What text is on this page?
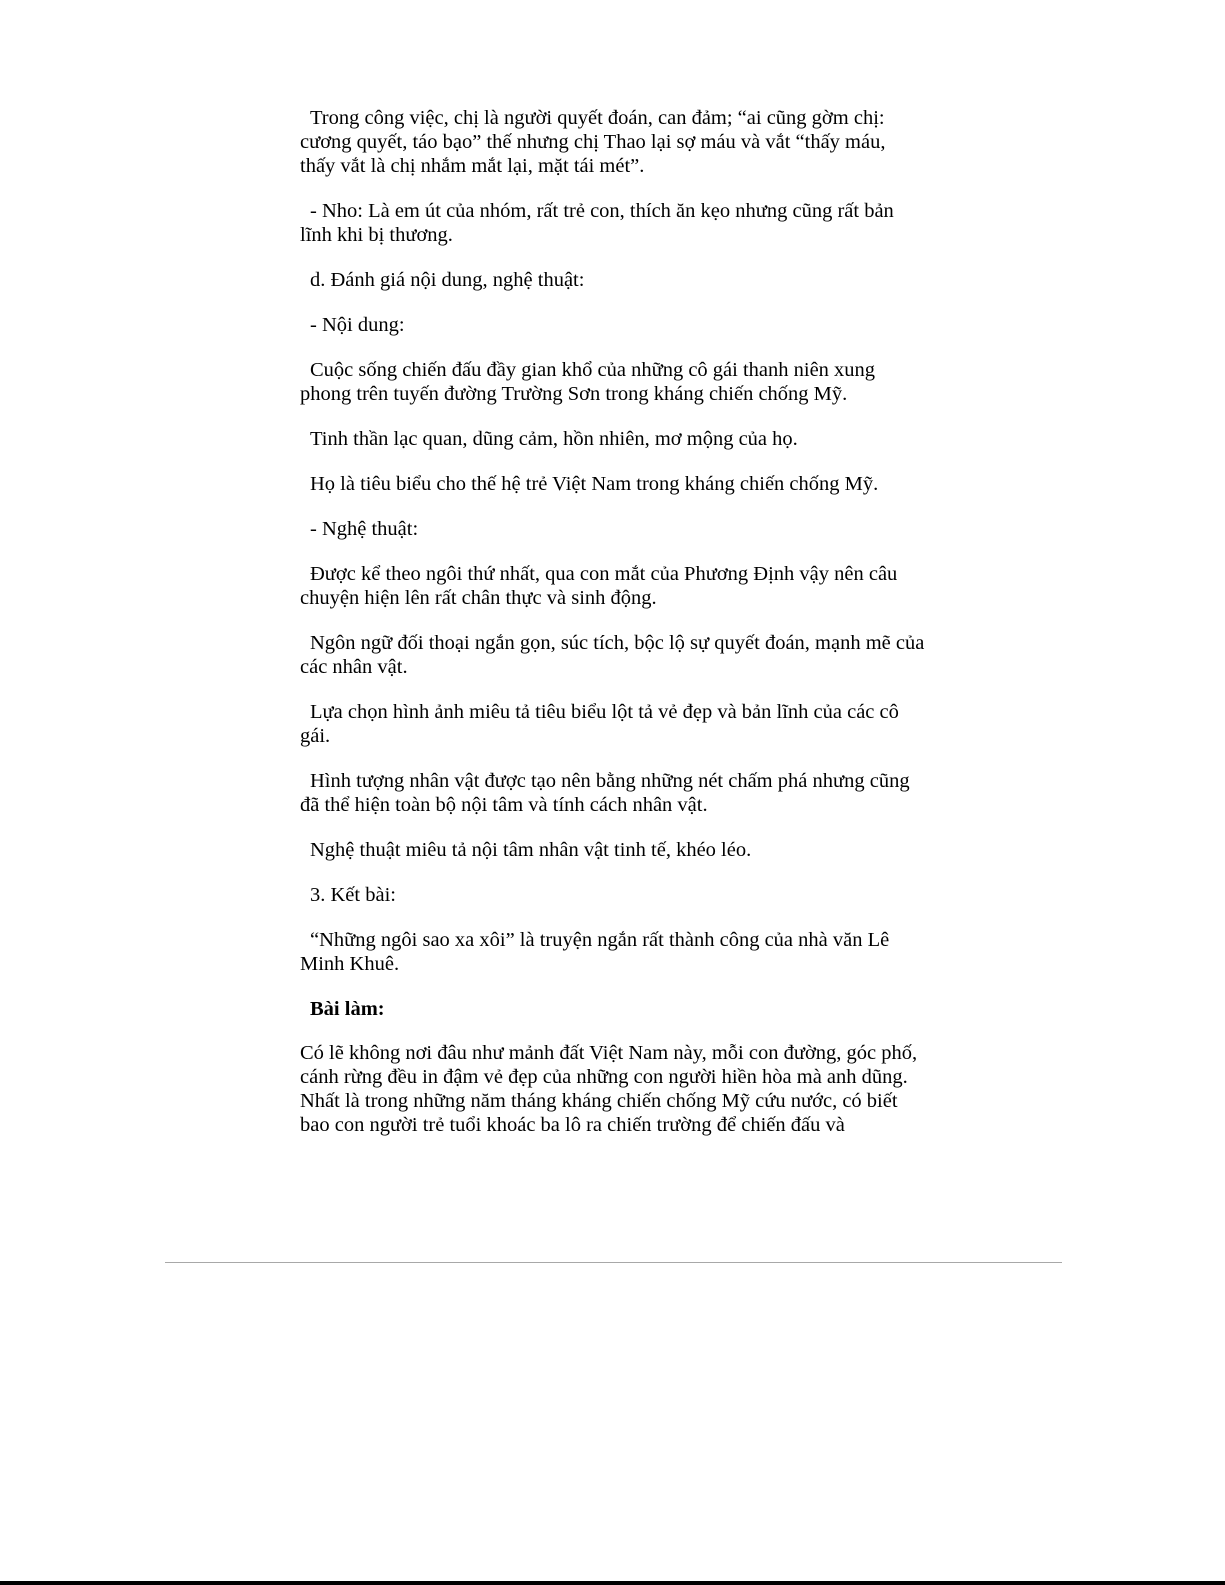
Trong công việc, chị là người quyết đoán, can đảm; “ai cũng gờm chị: cương quyết, táo bạo” thế nhưng chị Thao lại sợ máu và vắt “thấy máu, thấy vắt là chị nhắm mắt lại, mặt tái mét”.

- Nho: Là em út của nhóm, rất trẻ con, thích ăn kẹo nhưng cũng rất bản lĩnh khi bị thương.

d. Đánh giá nội dung, nghệ thuật:

- Nội dung:

Cuộc sống chiến đấu đầy gian khổ của những cô gái thanh niên xung phong trên tuyến đường Trường Sơn trong kháng chiến chống Mỹ.

Tinh thần lạc quan, dũng cảm, hồn nhiên, mơ mộng của họ.

Họ là tiêu biểu cho thế hệ trẻ Việt Nam trong kháng chiến chống Mỹ.

- Nghệ thuật:

Được kể theo ngôi thứ nhất, qua con mắt của Phương Định vậy nên câu chuyện hiện lên rất chân thực và sinh động.

Ngôn ngữ đối thoại ngắn gọn, súc tích, bộc lộ sự quyết đoán, mạnh mẽ của các nhân vật.

Lựa chọn hình ảnh miêu tả tiêu biểu lột tả vẻ đẹp và bản lĩnh của các cô gái.

Hình tượng nhân vật được tạo nên bằng những nét chấm phá nhưng cũng đã thể hiện toàn bộ nội tâm và tính cách nhân vật.

Nghệ thuật miêu tả nội tâm nhân vật tinh tế, khéo léo.

3. Kết bài:

“Những ngôi sao xa xôi” là truyện ngắn rất thành công của nhà văn Lê Minh Khuê.

Bài làm:

Có lẽ không nơi đâu như mảnh đất Việt Nam này, mỗi con đường, góc phố, cánh rừng đều in đậm vẻ đẹp của những con người hiền hòa mà anh dũng. Nhất là trong những năm tháng kháng chiến chống Mỹ cứu nước, có biết bao con người trẻ tuổi khoác ba lô ra chiến trường để chiến đấu và
